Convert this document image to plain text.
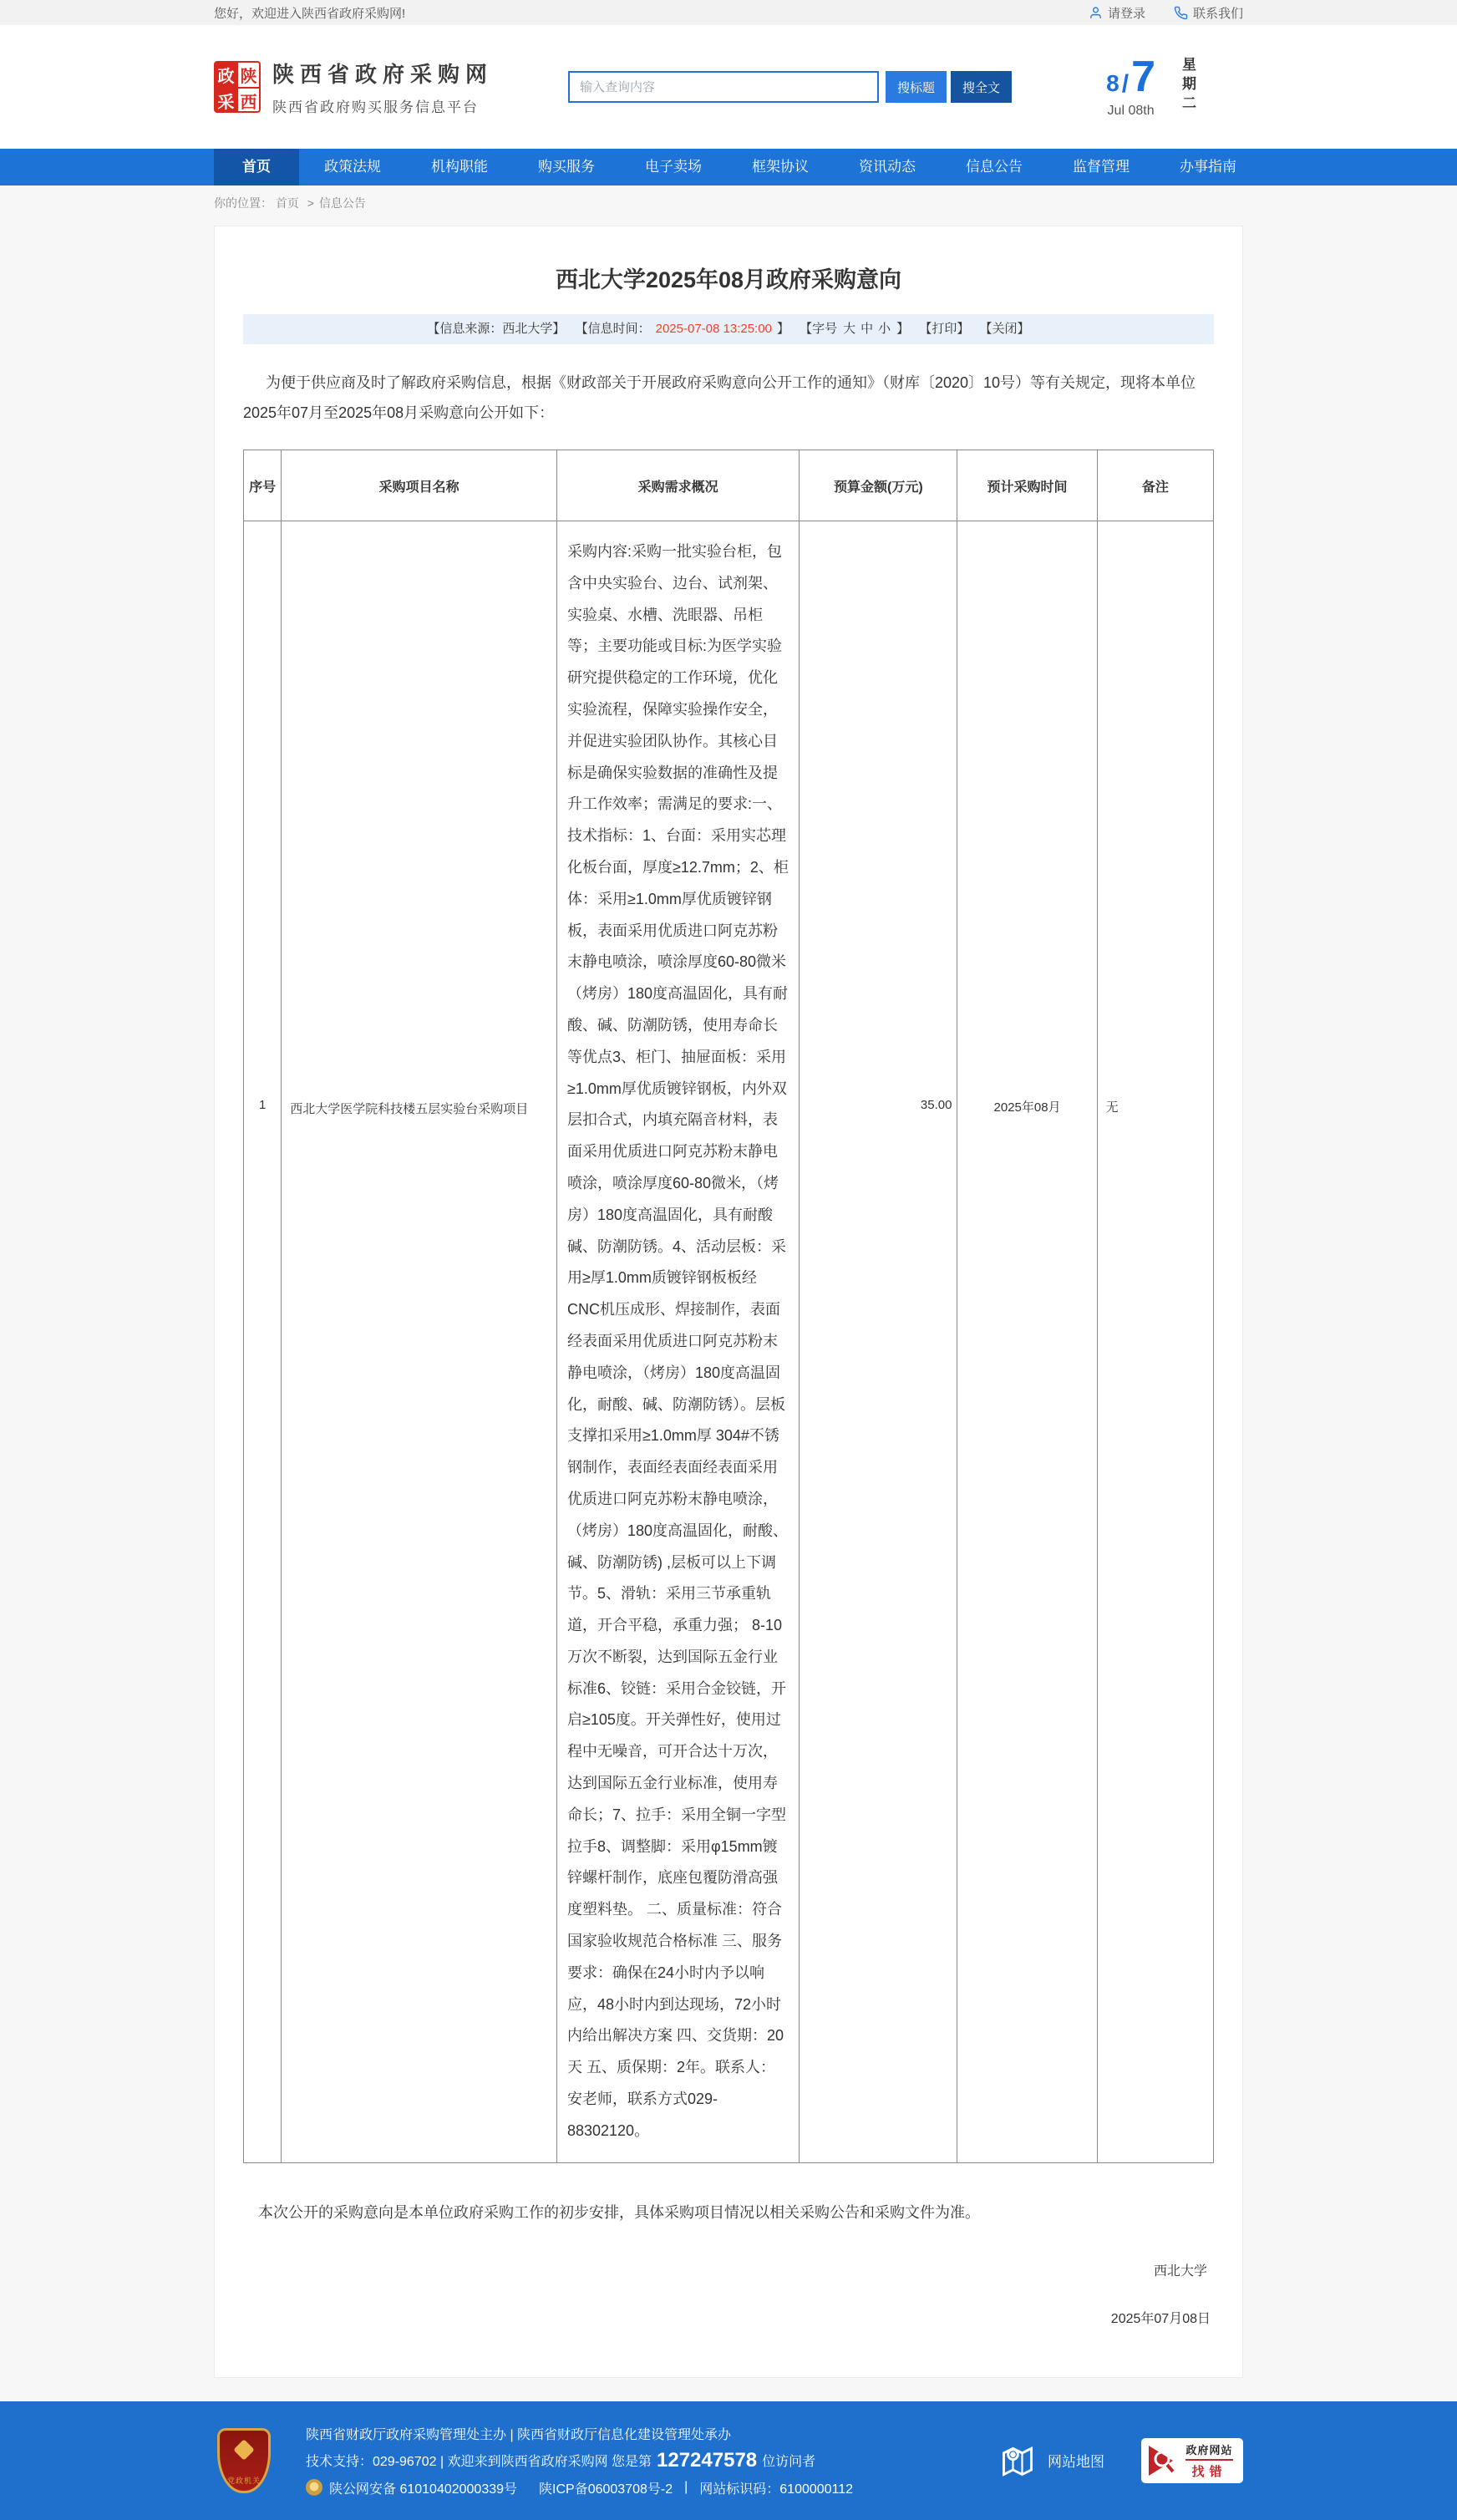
您好，欢迎进入陕西省政府采购网!	请登录	联系我们
政 陕
采 西
陕西省政府采购网
陕西省政府购买服务信息平台
输入查询内容
搜标题	搜全文	8 / 7
Jul 08th 星期二
首页	政策法规	机构职能	购买服务	电子卖场	框架协议	资讯动态	信息公告	监督管理	办事指南
你的位置： 首页 > 信息公告
西北大学2025年08月政府采购意向
【信息来源：西北大学】 【信息时间： 2025-07-08 13:25:00 】 【字号 大 中 小 】 【打印】 【关闭】

为便于供应商及时了解政府采购信息，根据《财政部关于开展政府采购意向公开工作的通知》（财库〔2020〕10号）等有关规定，现将本单位2025年07月至2025年08月采购意向公开如下：

序号	采购项目名称	采购需求概况	预算金额(万元)	预计采购时间	备注
1	西北大学医学院科技楼五层实验台采购项目	采购内容:采购一批实验台柜，包含中央实验台、边台、试剂架、实验桌、水槽、洗眼器、吊柜等；主要功能或目标:为医学实验研究提供稳定的工作环境，优化实验流程，保障实验操作安全，并促进实验团队协作。其核心目标是确保实验数据的准确性及提升工作效率；需满足的要求:一、技术指标：1、台面：采用实芯理化板台面，厚度≥12.7mm；2、柜体：采用≥1.0mm厚优质镀锌钢板，表面采用优质进口阿克苏粉末静电喷涂，喷涂厚度60-80微米（烤房）180度高温固化，具有耐酸、碱、防潮防锈，使用寿命长等优点3、柜门、抽屉面板：采用≥1.0mm厚优质镀锌钢板，内外双层扣合式，内填充隔音材料，表面采用优质进口阿克苏粉末静电喷涂，喷涂厚度60-80微米，（烤房）180度高温固化，具有耐酸碱、防潮防锈。4、活动层板：采用≥厚1.0mm质镀锌钢板板经CNC机压成形、焊接制作，表面经表面采用优质进口阿克苏粉末静电喷涂，（烤房）180度高温固化，耐酸、碱、防潮防锈）。层板支撑扣采用≥1.0mm厚 304#不锈钢制作，表面经表面经表面采用优质进口阿克苏粉末静电喷涂，（烤房）180度高温固化，耐酸、碱、防潮防锈) ,层板可以上下调节。5、滑轨：采用三节承重轨道，开合平稳，承重力强； 8-10万次不断裂，达到国际五金行业标准6、铰链：采用合金铰链，开启≥105度。开关弹性好，使用过程中无噪音，可开合达十万次，达到国际五金行业标准，使用寿命长；7、拉手：采用全铜一字型拉手8、调整脚：采用φ15mm镀锌螺杆制作，底座包覆防滑高强度塑料垫。 二、质量标准：符合国家验收规范合格标准 三、服务要求：确保在24小时内予以响应，48小时内到达现场，72小时内给出解决方案 四、交货期：20天 五、质保期：2年。联系人：安老师，联系方式029-88302120。	35.00	2025年08月	无

本次公开的采购意向是本单位政府采购工作的初步安排，具体采购项目情况以相关采购公告和采购文件为准。

西北大学

2025年07月08日

党政机关

陕西省财政厅政府采购管理处主办 | 陕西省财政厅信息化建设管理处承办

技术支持：029-96702 | 欢迎来到陕西省政府采购网 您是第 127247578 位访问者

陕公网安备 61010402000339号 陕ICP备06003708号-2 | 网站标识码：6100000112

网站地图
政府网站
找错
